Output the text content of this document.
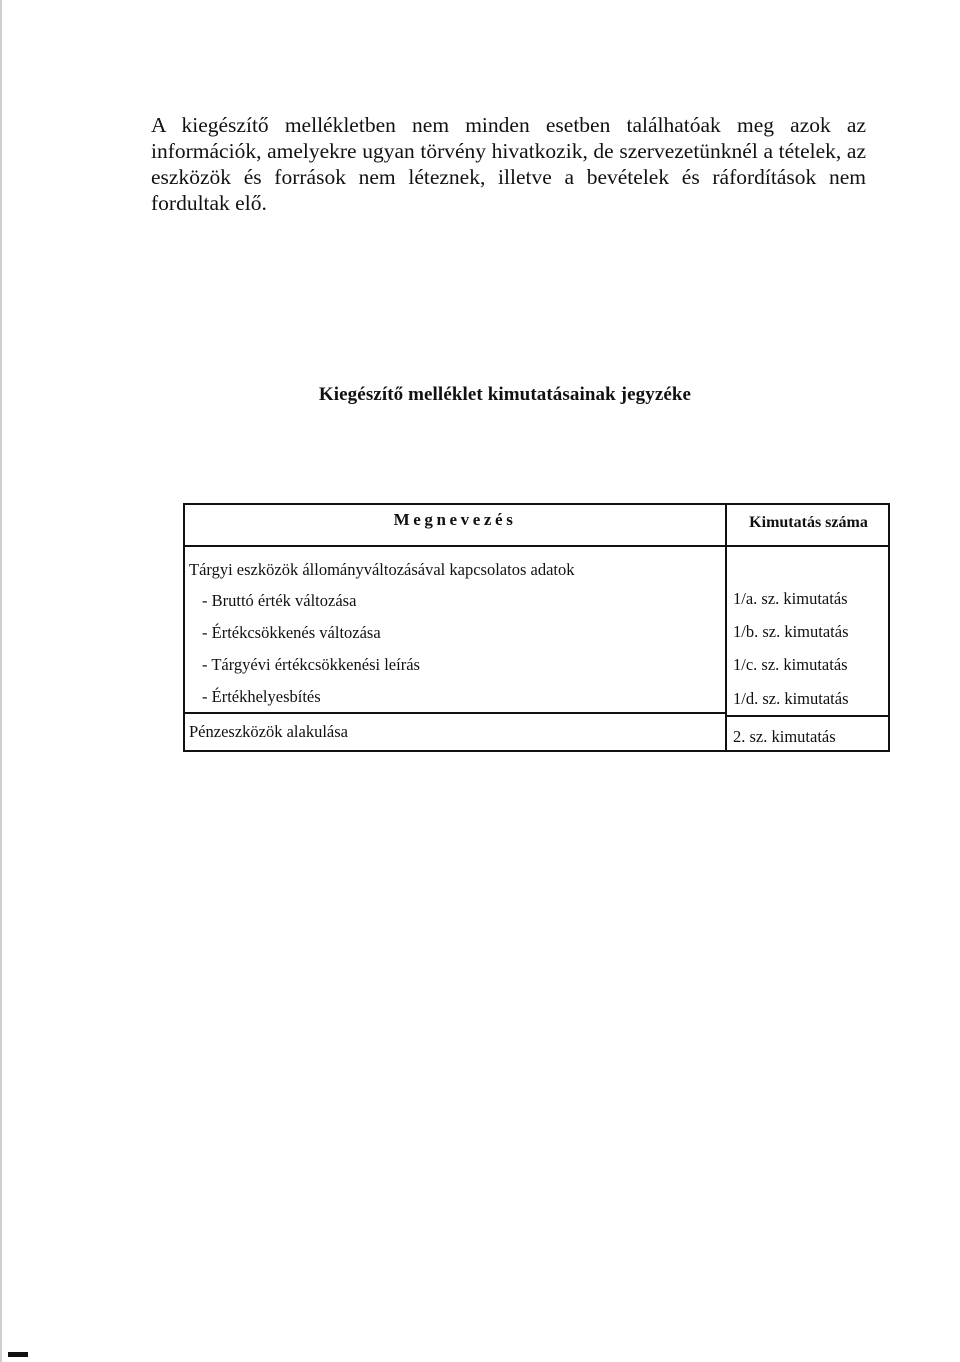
A kiegészítő mellékletben nem minden esetben találhatóak meg azok az információk, amelyekre ugyan törvény hivatkozik, de szervezetünknél a tételek, az eszközök és források nem léteznek, illetve a bevételek és ráfordítások nem fordultak elő.

Kiegészítő melléklet kimutatásainak jegyzéke
Megnevezés	Kimutatás száma
Tárgyi eszközök állományváltozásával kapcsolatos adatok
- Bruttó érték változása	1/a. sz. kimutatás
- Értékcsökkenés változása	1/b. sz. kimutatás
- Tárgyévi értékcsökkenési leírás	1/c. sz. kimutatás
- Értékhelyesbítés	1/d. sz. kimutatás
Pénzeszközök alakulása	2. sz. kimutatás
